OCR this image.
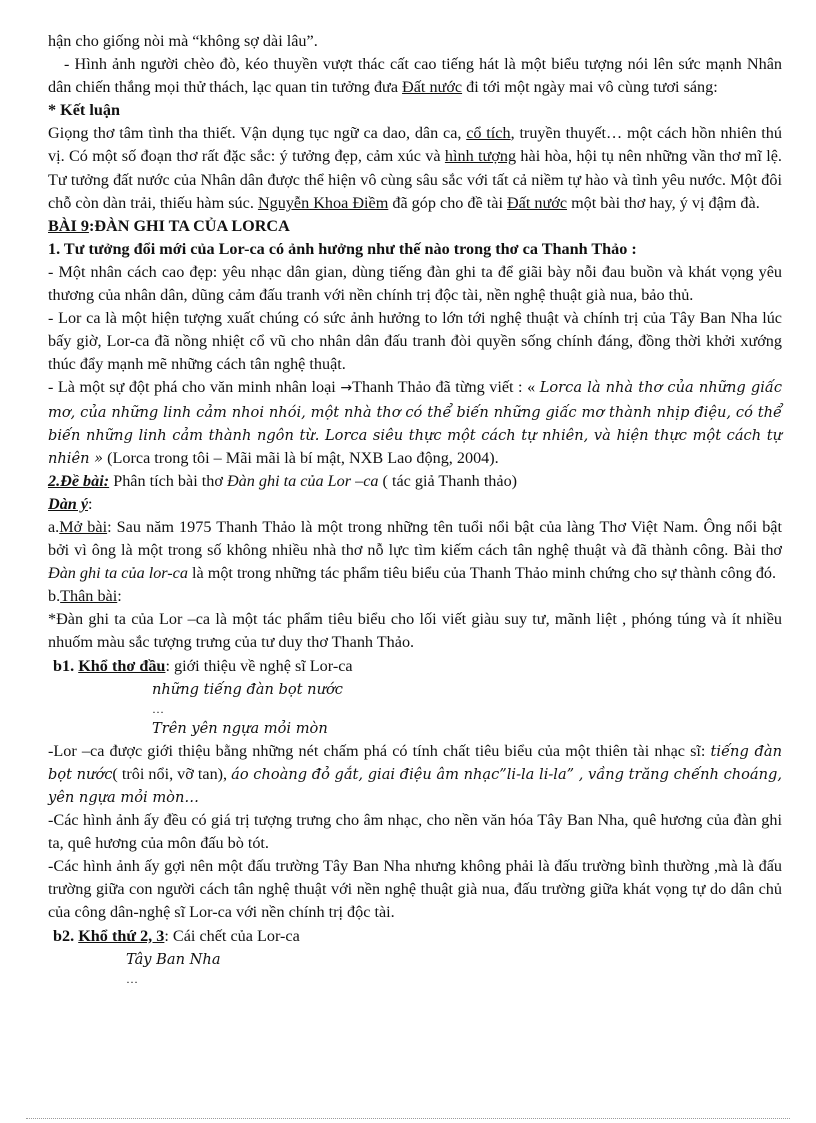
hận cho giống nòi mà “không sợ dài lâu”.

- Hình ảnh người chèo đò, kéo thuyền vượt thác cất cao tiếng hát là một biểu tượng nói lên sức mạnh Nhân dân chiến thắng mọi thử thách, lạc quan tin tưởng đưa Đất nước đi tới một ngày mai vô cùng tươi sáng:

* Kết luận

Giọng thơ tâm tình tha thiết. Vận dụng tục ngữ ca dao, dân ca, cổ tích, truyền thuyết… một cách hồn nhiên thú vị. Có một số đoạn thơ rất đặc sắc: ý tưởng đẹp, cảm xúc và hình tượng hài hòa, hội tụ nên những vần thơ mĩ lệ. Tư tưởng đất nước của Nhân dân được thể hiện vô cùng sâu sắc với tất cả niềm tự hào và tình yêu nước. Một đôi chỗ còn dàn trải, thiếu hàm súc. Nguyễn Khoa Điềm đã góp cho đề tài Đất nước một bài thơ hay, ý vị đậm đà.

BÀI 9:ĐÀN GHI TA CỦA LORCA

1. Tư tưởng đổi mới của Lor-ca có ảnh hưởng như thế nào trong thơ ca Thanh Thảo :

- Một nhân cách cao đẹp: yêu nhạc dân gian, dùng tiếng đàn ghi ta để giãi bày nỗi đau buồn và khát vọng yêu thương của nhân dân, dũng cảm đấu tranh với nền chính trị độc tài, nền nghệ thuật già nua, bảo thủ.

- Lor ca là một hiện tượng xuất chúng có sức ảnh hưởng to lớn tới nghệ thuật và chính trị của Tây Ban Nha lúc bấy giờ, Lor-ca đã nồng nhiệt cổ vũ cho nhân dân đấu tranh đòi quyền sống chính đáng, đồng thời khởi xướng thúc đẩy mạnh mẽ những cách tân nghệ thuật.

- Là một sự đột phá cho văn minh nhân loại →Thanh Thảo đã từng viết : « Lorca là nhà thơ của những giấc mơ, của những linh cảm nhoi nhói, một nhà thơ có thể biến những giấc mơ thành nhịp điệu, có thể biến những linh cảm thành ngôn từ. Lorca siêu thực một cách tự nhiên, và hiện thực một cách tự nhiên » (Lorca trong tôi – Mãi mãi là bí mật, NXB Lao động, 2004).

2.Đề bài: Phân tích bài thơ Đàn ghi ta của Lor –ca ( tác giả Thanh thảo)

Dàn ý:

a.Mở bài: Sau năm 1975 Thanh Thảo là một trong những tên tuổi nổi bật của làng Thơ Việt Nam. Ông nổi bật bởi vì ông là một trong số không nhiều nhà thơ nỗ lực tìm kiếm cách tân nghệ thuật và đã thành công. Bài thơ Đàn ghi ta của lor-ca là một trong những tác phẩm tiêu biểu của Thanh Thảo minh chứng cho sự thành công đó.

b.Thân bài:

*Đàn ghi ta của Lor –ca là một tác phẩm tiêu biểu cho lối viết giàu suy tư, mãnh liệt , phóng túng và ít nhiều nhuốm màu sắc tượng trưng của tư duy thơ Thanh Thảo.

b1. Khổ thơ đầu: giới thiệu về nghệ sĩ Lor-ca

những tiếng đàn bọt nước

…

Trên yên ngựa mỏi mòn

-Lor –ca được giới thiệu bằng những nét chấm phá có tính chất tiêu biểu của một thiên tài nhạc sĩ: tiếng đàn bọt nước( trôi nổi, vỡ tan), áo choàng đỏ gắt, giai điệu âm nhạc”li-la li-la” , vầng trăng chếnh choáng, yên ngựa mỏi mòn…

-Các hình ảnh ấy đều có giá trị tượng trưng cho âm nhạc, cho nền văn hóa Tây Ban Nha, quê hương của đàn ghi ta, quê hương của môn đấu bò tót.

-Các hình ảnh ấy gợi nên một đấu trường Tây Ban Nha nhưng không phải là đấu trường bình thường ,mà là đấu trường giữa con người cách tân nghệ thuật với nền nghệ thuật già nua, đấu trường giữa khát vọng tự do dân chủ của công dân-nghệ sĩ Lor-ca với nền chính trị độc tài.

b2. Khổ thứ 2, 3: Cái chết của Lor-ca

Tây Ban Nha

…
